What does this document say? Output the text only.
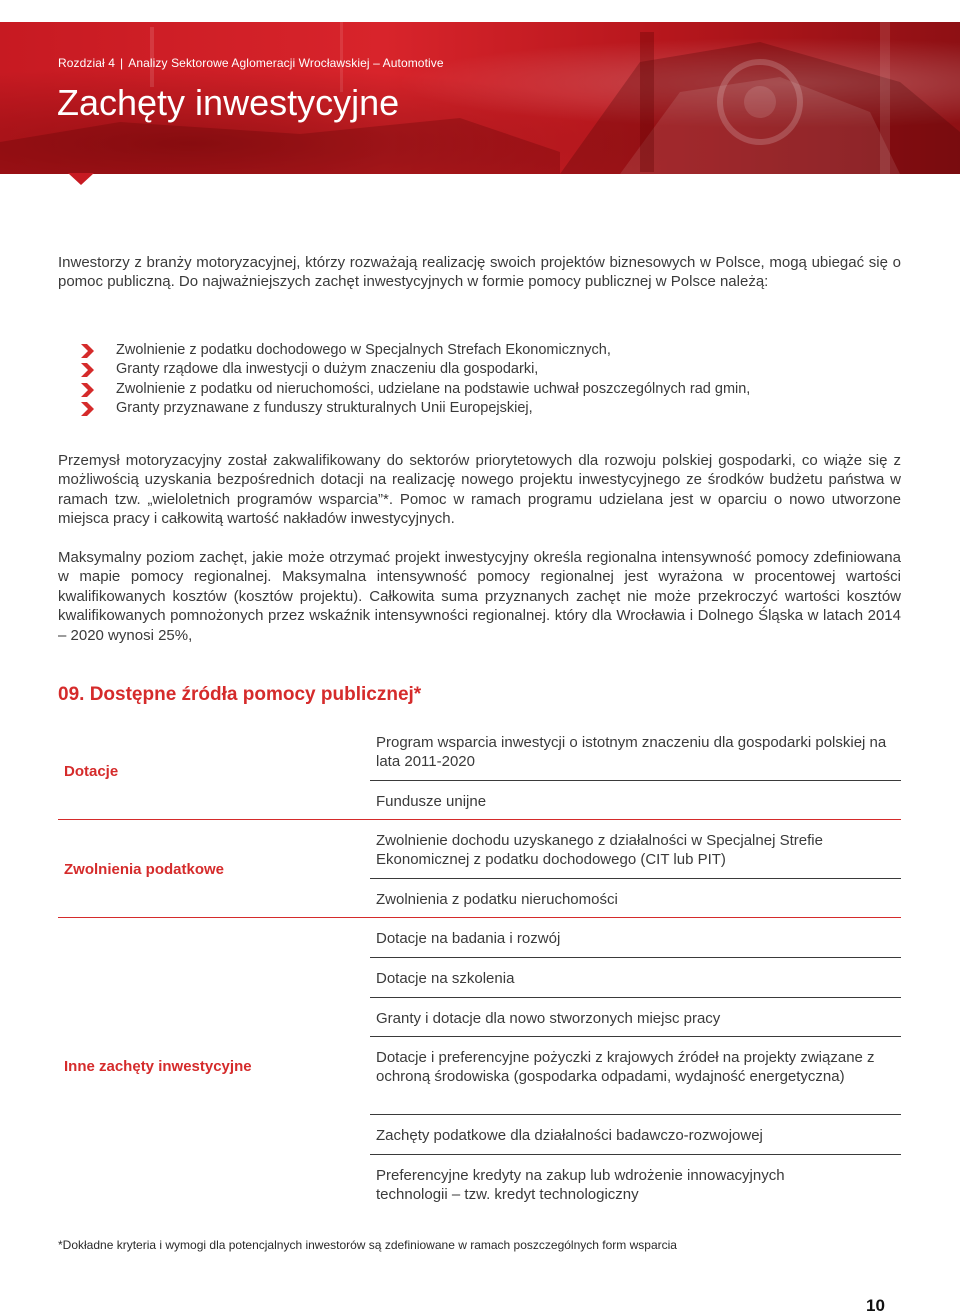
Rozdział 4 | Analizy Sektorowe Aglomeracji Wrocławskiej – Automotive
Zachęty inwestycyjne

Inwestorzy z branży motoryzacyjnej, którzy rozważają realizację swoich projektów biznesowych w Polsce, mogą ubiegać się o pomoc publiczną. Do najważniejszych zachęt inwestycyjnych w formie pomocy publicznej w Polsce należą:

Zwolnienie z podatku dochodowego w Specjalnych Strefach Ekonomicznych,
Granty rządowe dla inwestycji o dużym znaczeniu dla gospodarki,
Zwolnienie z podatku od nieruchomości, udzielane na podstawie uchwał poszczególnych rad gmin,
Granty przyznawane z funduszy strukturalnych Unii Europejskiej,

Przemysł motoryzacyjny został zakwalifikowany do sektorów priorytetowych dla rozwoju polskiej gospodarki, co wiąże się z możliwością uzyskania bezpośrednich dotacji na realizację nowego projektu inwestycyjnego ze środków budżetu państwa w ramach tzw. „wieloletnich programów wsparcia”*. Pomoc w ramach programu udzielana jest w oparciu o nowo utworzone miejsca pracy i całkowitą wartość nakładów inwestycyjnych.

Maksymalny poziom zachęt, jakie może otrzymać projekt inwestycyjny określa regionalna intensywność pomocy zdefiniowana w mapie pomocy regionalnej. Maksymalna intensywność pomocy regionalnej jest wyrażona w procentowej wartości kwalifikowanych kosztów (kosztów projektu). Całkowita suma przyznanych zachęt nie może przekroczyć wartości kosztów kwalifikowanych pomnożonych przez wskaźnik intensywności regionalnej. który dla Wrocławia i Dolnego Śląska w latach 2014 – 2020 wynosi 25%,

09. Dostępne źródła pomocy publicznej*
Dotacje
Program wsparcia inwestycji o istotnym znaczeniu dla gospodarki polskiej na lata 2011-2020
Fundusze unijne
Zwolnienia podatkowe
Zwolnienie dochodu uzyskanego z działalności w Specjalnej Strefie Ekonomicznej z podatku dochodowego (CIT lub PIT)
Zwolnienia z podatku nieruchomości
Inne zachęty inwestycyjne
Dotacje na badania i rozwój
Dotacje na szkolenia
Granty i dotacje dla nowo stworzonych miejsc pracy
Dotacje i preferencyjne pożyczki z krajowych źródeł na projekty związane z ochroną środowiska (gospodarka odpadami, wydajność energetyczna)
Zachęty podatkowe dla działalności badawczo-rozwojowej
Preferencyjne kredyty na zakup lub wdrożenie innowacyjnych technologii – tzw. kredyt technologiczny
*Dokładne kryteria i wymogi dla potencjalnych inwestorów są zdefiniowane w ramach poszczególnych form wsparcia
10
